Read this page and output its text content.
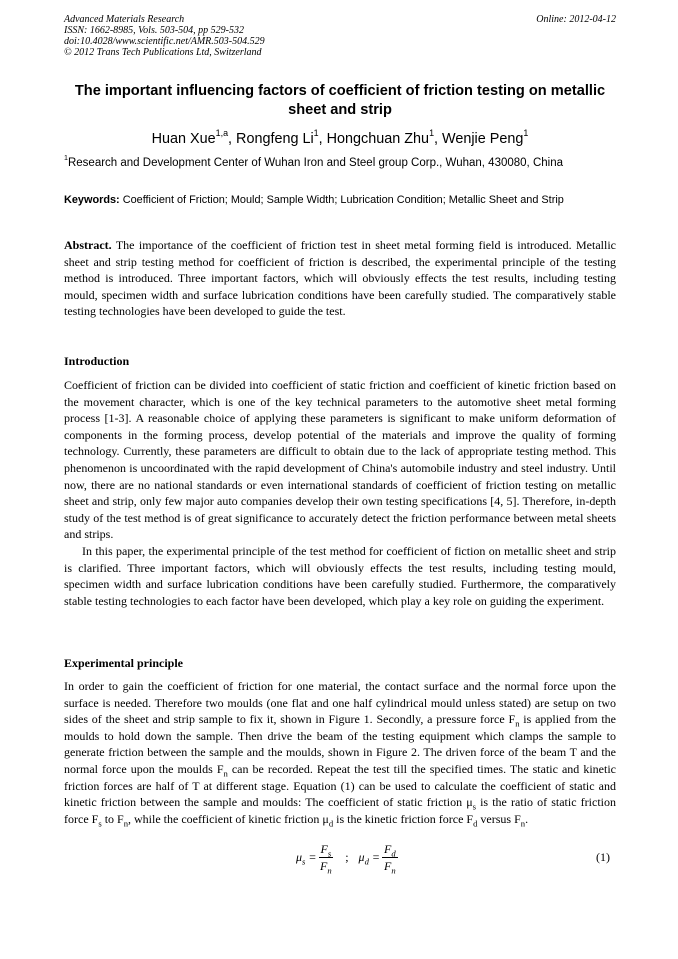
Advanced Materials Research
ISSN: 1662-8985, Vols. 503-504, pp 529-532
doi:10.4028/www.scientific.net/AMR.503-504.529
© 2012 Trans Tech Publications Ltd, Switzerland
Online: 2012-04-12
The important influencing factors of coefficient of friction testing on metallic sheet and strip
Huan Xue$^{1,a}$, Rongfeng Li$^1$, Hongchuan Zhu$^1$, Wenjie Peng$^1$
$^1$Research and Development Center of Wuhan Iron and Steel group Corp., Wuhan, 430080, China
Keywords: Coefficient of Friction; Mould; Sample Width; Lubrication Condition; Metallic Sheet and Strip
Abstract. The importance of the coefficient of friction test in sheet metal forming field is introduced. Metallic sheet and strip testing method for coefficient of friction is described, the experimental principle of the testing method is introduced. Three important factors, which will obviously effects the test results, including testing mould, specimen width and surface lubrication conditions have been carefully studied. The comparatively stable testing technologies have been developed to guide the test.
Introduction

Coefficient of friction can be divided into coefficient of static friction and coefficient of kinetic friction based on the movement character, which is one of the key technical parameters to the automotive sheet metal forming process [1-3]. A reasonable choice of applying these parameters is significant to make uniform deformation of components in the forming process, develop potential of the materials and improve the quality of forming technology. Currently, these parameters are difficult to obtain due to the lack of appropriate testing method. This phenomenon is uncoordinated with the rapid development of China's automobile industry and steel industry. Until now, there are no national standards or even international standards of coefficient of friction testing on metallic sheet and strip, only few major auto companies develop their own testing specifications [4, 5]. Therefore, in-depth study of the test method is of great significance to accurately detect the friction performance between metal sheets and strips.

In this paper, the experimental principle of the test method for coefficient of fiction on metallic sheet and strip is clarified. Three important factors, which will obviously effects the test results, including testing mould, specimen width and surface lubrication conditions have been carefully studied. Furthermore, the comparatively stable testing technologies to each factor have been developed, which play a key role on guiding the experiment.

Experimental principle

In order to gain the coefficient of friction for one material, the contact surface and the normal force upon the surface is needed. Therefore two moulds (one flat and one half cylindrical mould unless stated) are setup on two sides of the sheet and strip sample to fix it, shown in Figure 1. Secondly, a pressure force $F_n$ is applied from the moulds to hold down the sample. Then drive the beam of the testing equipment which clamps the sample to generate friction between the sample and the moulds, shown in Figure 2. The driven force of the beam T and the normal force upon the moulds $F_n$ can be recorded. Repeat the test till the specified times. The static and kinetic friction forces are half of T at different stage. Equation (1) can be used to calculate the coefficient of static and kinetic friction between the sample and moulds: The coefficient of static friction $\mu_s$ is the ratio of static friction force $F_s$ to $F_n$, while the coefficient of kinetic friction $\mu_d$ is the kinetic friction force $F_d$ versus $F_n$.

$\mu_s = \frac{F_s}{F_n}$ ; $\mu_d = \frac{F_d}{F_n}$	(1)
